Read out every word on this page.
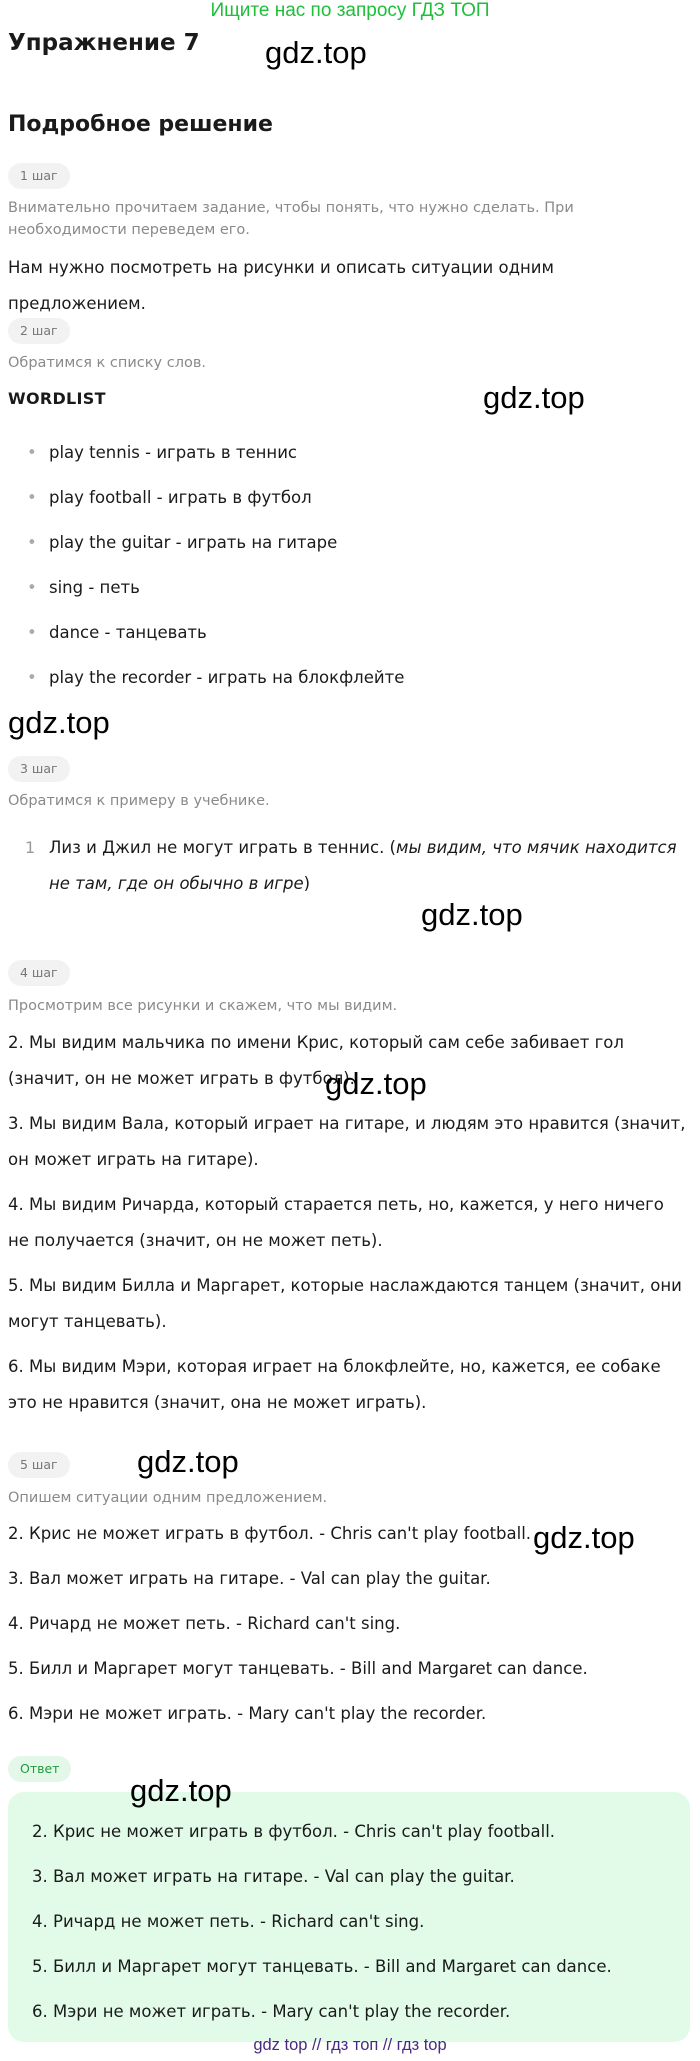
Ищите нас по запросу ГДЗ ТОП
Упражнение 7
Подробное решение
1 шаг
Внимательно прочитаем задание, чтобы понять, что нужно сделать. При необходимости переведем его.
Нам нужно посмотреть на рисунки и описать ситуации одним предложением.
2 шаг
Обратимся к списку слов.
WORDLIST
• play tennis - играть в теннис
• play football - играть в футбол
• play the guitar - играть на гитаре
• sing - петь
• dance - танцевать
• play the recorder - играть на блокфлейте
3 шаг
Обратимся к примеру в учебнике.
1 Лиз и Джил не могут играть в теннис. (мы видим, что мячик находится не там, где он обычно в игре)
4 шаг
Просмотрим все рисунки и скажем, что мы видим.
2. Мы видим мальчика по имени Крис, который сам себе забивает гол (значит, он не может играть в футбол).
3. Мы видим Вала, который играет на гитаре, и людям это нравится (значит, он может играть на гитаре).
4. Мы видим Ричарда, который старается петь, но, кажется, у него ничего не получается (значит, он не может петь).
5. Мы видим Билла и Маргарет, которые наслаждаются танцем (значит, они могут танцевать).
6. Мы видим Мэри, которая играет на блокфлейте, но, кажется, ее собаке это не нравится (значит, она не может играть).
5 шаг
Опишем ситуации одним предложением.
2. Крис не может играть в футбол. - Chris can't play football.
3. Вал может играть на гитаре. - Val can play the guitar.
4. Ричард не может петь. - Richard can't sing.
5. Билл и Маргарет могут танцевать. - Bill and Margaret can dance.
6. Мэри не может играть. - Mary can't play the recorder.
Ответ
2. Крис не может играть в футбол. - Chris can't play football.
3. Вал может играть на гитаре. - Val can play the guitar.
4. Ричард не может петь. - Richard can't sing.
5. Билл и Маргарет могут танцевать. - Bill and Margaret can dance.
6. Мэри не может играть. - Mary can't play the recorder.
gdz.top
gdz.top
gdz.top
gdz.top
gdz.top
gdz.top
gdz.top
gdz.top
gdz top // гдз топ // гдз top
